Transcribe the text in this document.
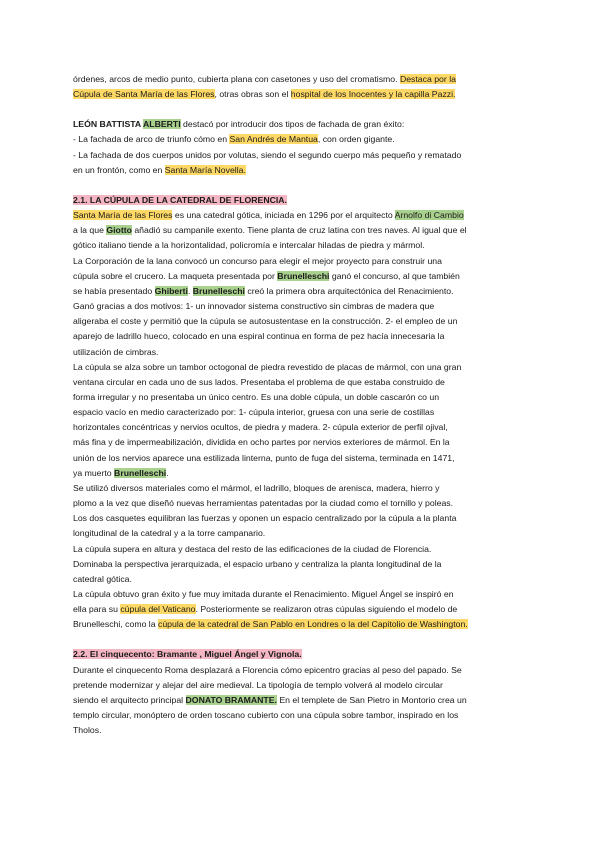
órdenes, arcos de medio punto, cubierta plana con casetones y uso del cromatismo. Destaca por la
Cúpula de Santa María de las Flores, otras obras son el hospital de los Inocentes y la capilla Pazzi.
LEÓN BATTISTA ALBERTI destacó por introducir dos tipos de fachada de gran éxito:
- La fachada de arco de triunfo cómo en San Andrés de Mantua, con orden gigante.
- La fachada de dos cuerpos unidos por volutas, siendo el segundo cuerpo más pequeño y rematado
en un frontón, como en Santa María Novella.
2.1. LA CÚPULA DE LA CATEDRAL DE FLORENCIA.
Santa María de las Flores es una catedral gótica, iniciada en 1296 por el arquitecto Arnolfo di Cambio
a la que Giotto añadió su campanile exento. Tiene planta de cruz latina con tres naves. Al igual que el
gótico italiano tiende a la horizontalidad, policromía e intercalar hiladas de piedra y mármol.
La Corporación de la lana convocó un concurso para elegir el mejor proyecto para construir una
cúpula sobre el crucero. La maqueta presentada por Brunelleschi ganó el concurso, al que también
se había presentado Ghiberti. Brunelleschi creó la primera obra arquitectónica del Renacimiento.
Ganó gracias a dos motivos: 1- un innovador sistema constructivo sin cimbras de madera que
aligeraba el coste y permitió que la cúpula se autosustentase en la construcción. 2- el empleo de un
aparejo de ladrillo hueco, colocado en una espiral continua en forma de pez hacía innecesaria la
utilización de cimbras.
La cúpula se alza sobre un tambor octogonal de piedra revestido de placas de mármol, con una gran
ventana circular en cada uno de sus lados. Presentaba el problema de que estaba construido de
forma irregular y no presentaba un único centro. Es una doble cúpula, un doble cascarón co un
espacio vacío en medio caracterizado por: 1- cúpula interior, gruesa con una serie de costillas
horizontales concéntricas y nervios ocultos, de piedra y madera. 2- cúpula exterior de perfil ojival,
más fina y de impermeabilización, dividida en ocho partes por nervios exteriores de mármol. En la
unión de los nervios aparece una estilizada linterna, punto de fuga del sistema, terminada en 1471,
ya muerto Brunelleschi.
Se utilizó diversos materiales como el mármol, el ladrillo, bloques de arenisca, madera, hierro y
plomo a la vez que diseñó nuevas herramientas patentadas por la ciudad como el tornillo y poleas.
Los dos casquetes equilibran las fuerzas y oponen un espacio centralizado por la cúpula a la planta
longitudinal de la catedral y a la torre campanario.
La cúpula supera en altura y destaca del resto de las edificaciones de la ciudad de Florencia.
Dominaba la perspectiva jerarquizada, el espacio urbano y centraliza la planta longitudinal de la
catedral gótica.
La cúpula obtuvo gran éxito y fue muy imitada durante el Renacimiento. Miguel Ángel se inspiró en
ella para su cúpula del Vaticano. Posteriormente se realizaron otras cúpulas siguiendo el modelo de
Brunelleschi, como la cúpula de la catedral de San Pablo en Londres o la del Capitolio de Washington.
2.2. El cinquecento: Bramante , Miguel Ángel y Vignola.
Durante el cinquecento Roma desplazará a Florencia cómo epicentro gracias al peso del papado. Se
pretende modernizar y alejar del aire medieval. La tipología de templo volverá al modelo circular
siendo el arquitecto principal DONATO BRAMANTE. En el templete de San Pietro in Montorio crea un
templo circular, monóptero de orden toscano cubierto con una cúpula sobre tambor, inspirado en los
Tholos.
